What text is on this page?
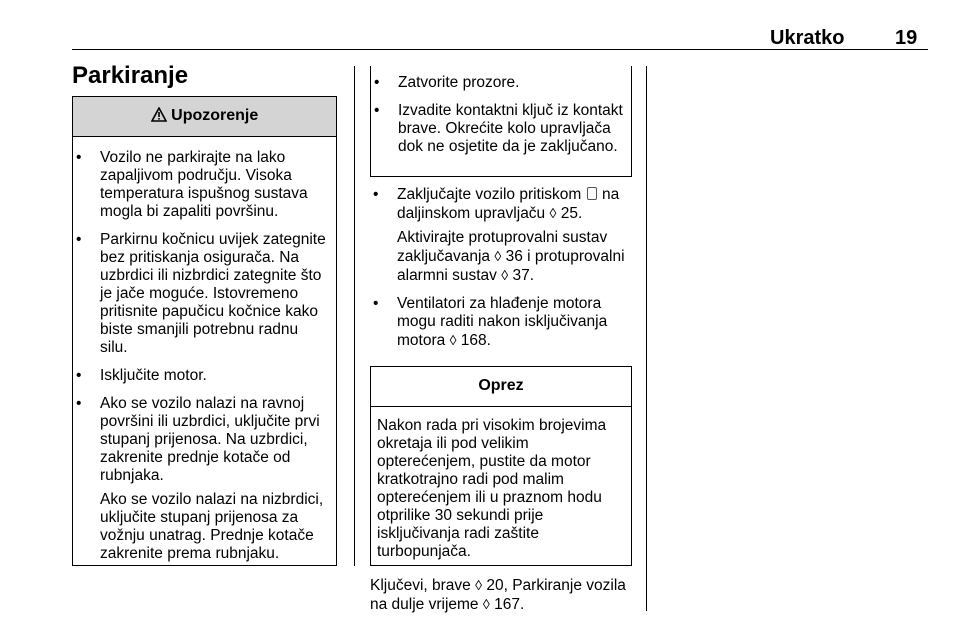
Ukratko	19
Parkiranje
Upozorenje
• Vozilo ne parkirajte na lako zapaljivom području. Visoka temperatura ispušnog sustava mogla bi zapaliti površinu.
• Parkirnu kočnicu uvijek zategnite bez pritiskanja osigurača. Na uzbrdici ili nizbrdici zategnite što je jače moguće. Istovremeno pritisnite papučicu kočnice kako biste smanjili potrebnu radnu silu.
• Isključite motor.
• Ako se vozilo nalazi na ravnoj površini ili uzbrdici, uključite prvi stupanj prijenosa. Na uzbrdici, zakrenite prednje kotače od rubnjaka.
Ako se vozilo nalazi na nizbrdici, uključite stupanj prijenosa za vožnju unatrag. Prednje kotače zakrenite prema rubnjaku.
• Zatvorite prozore.
• Izvadite kontaktni ključ iz kontakt brave. Okrećite kolo upravljača dok ne osjetite da je zaključano.
• Zaključajte vozilo pritiskom na daljinskom upravljaču ◊ 25.
Aktivirajte protuprovalni sustav zaključavanja ◊ 36 i protuprovalni alarmni sustav ◊ 37.
• Ventilatori za hlađenje motora mogu raditi nakon isključivanja motora ◊ 168.
Oprez
Nakon rada pri visokim brojevima okretaja ili pod velikim opterećenjem, pustite da motor kratkotrajno radi pod malim opterećenjem ili u praznom hodu otprilike 30 sekundi prije isključivanja radi zaštite turbopunjača.
Ključevi, brave ◊ 20, Parkiranje vozila na dulje vrijeme ◊ 167.
